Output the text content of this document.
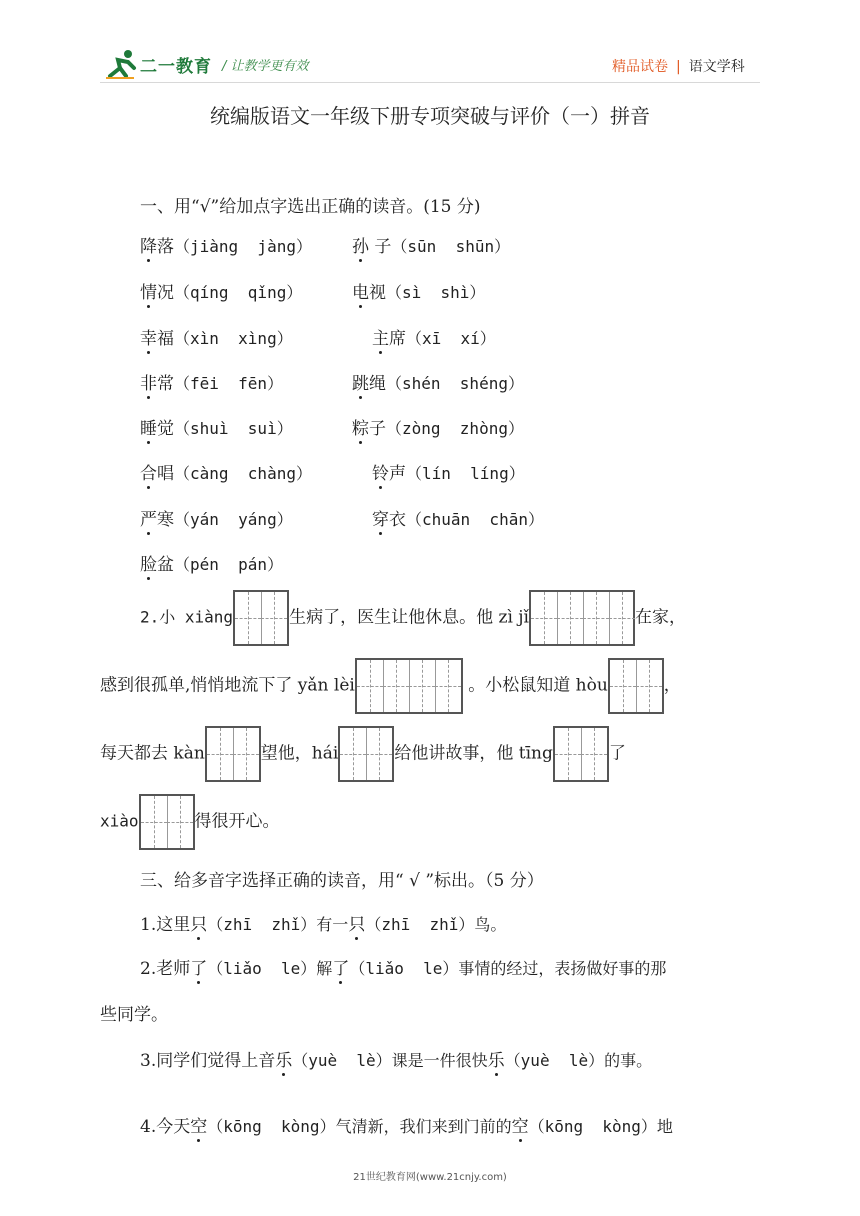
二一教育 / 让教学更有效	精品试卷 | 语文学科
统编版语文一年级下册专项突破与评价（一）拼音
一、用“√”给加点字选出正确的读音。(15 分)
降落（jiàng  jàng） 孙 子（sūn  shūn）
情况（qíng  qǐng）	电视（sì  shì）
幸福（xìn  xìng）	主席（xī  xí）
非常（fēi  fēn）	跳绳（shén  shéng）
睡觉（shuì  suì）	粽子（zòng  zhòng）
合唱（càng  chàng）	铃声（lín  líng）
严寒（yán  yáng）	穿衣（chuān  chān）
脸盆（pén  pán）
2.小 xiàng	生病了，医生让他休息。他 zì jǐ	在家，
感到很孤单,悄悄地流下了 yǎn lèi	。小松鼠知道 hòu	，
每天都去 kàn	望他，hái	给他讲故事，他 tīng	了
xiào	得很开心。
三、给多音字选择正确的读音，用“ √ ”标出。（5 分）
1.这里只（zhī  zhǐ）有一只（zhī  zhǐ）鸟。
2.老师了（liǎo  le）解了（liǎo  le）事情的经过，表扬做好事的那
些同学。
3.同学们觉得上音乐（yuè  lè）课是一件很快乐（yuè  lè）的事。
4.今天空（kōng  kòng）气清新，我们来到门前的空（kōng  kòng）地
21世纪教育网(www.21cnjy.com)
